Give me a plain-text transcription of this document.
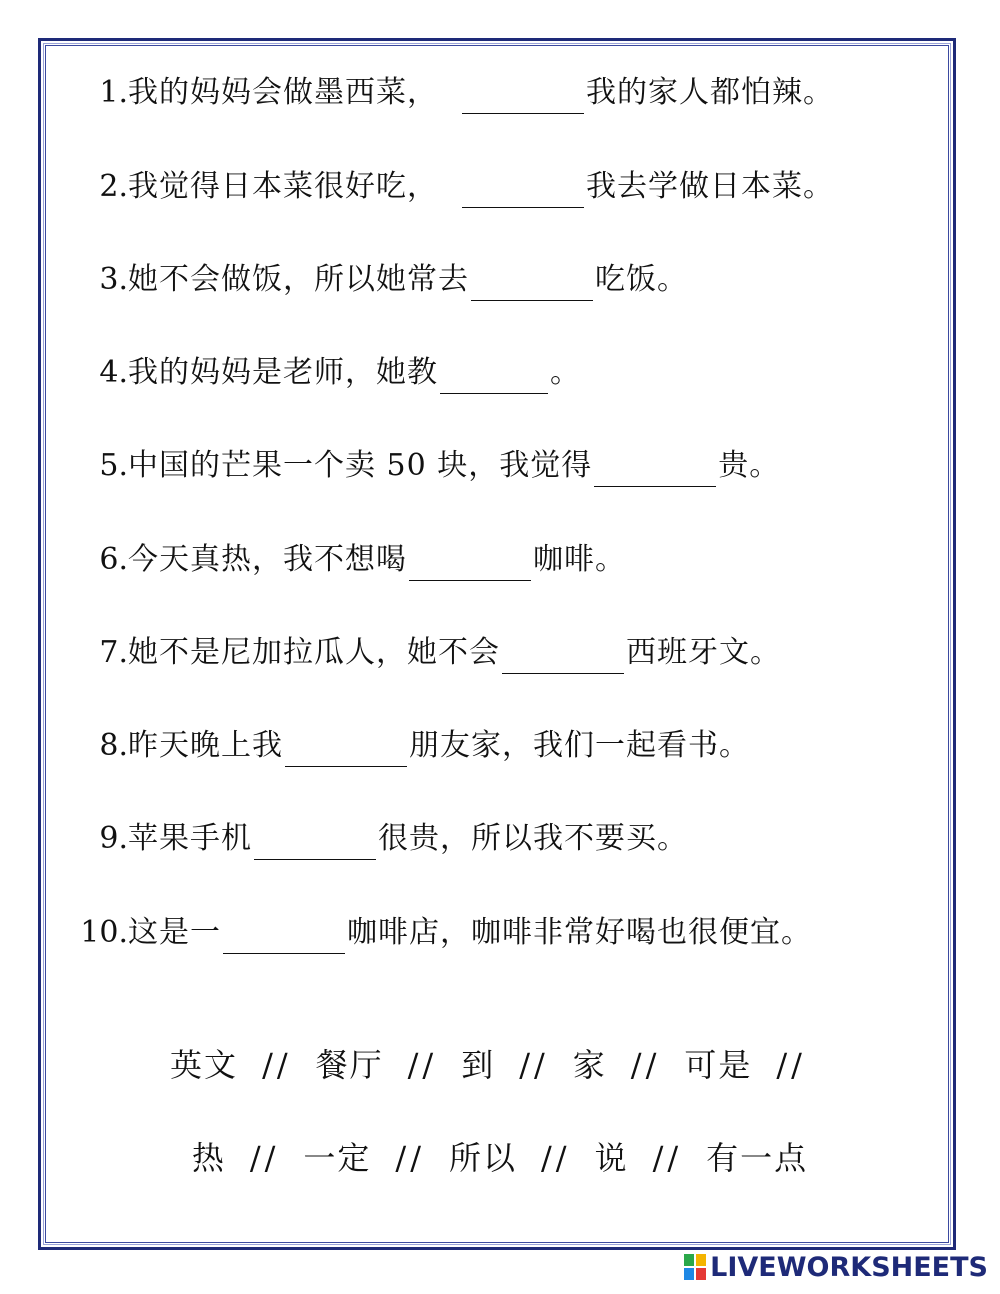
1.我的妈妈会做墨西菜，	我的家人都怕辣。
2.我觉得日本菜很好吃，	我去学做日本菜。
3.她不会做饭，所以她常去	吃饭。
4.我的妈妈是老师，她教	。
5.中国的芒果一个卖 50 块，我觉得	贵。
6.今天真热，我不想喝	咖啡。
7.她不是尼加拉瓜人，她不会	西班牙文。
8.昨天晚上我	朋友家，我们一起看书。
9.苹果手机	很贵，所以我不要买。
10.这是一	咖啡店，咖啡非常好喝也很便宜。
英文 // 餐厅 // 到 // 家 // 可是 //
热 // 一定 // 所以 // 说 // 有一点
LIVEWORKSHEETS
